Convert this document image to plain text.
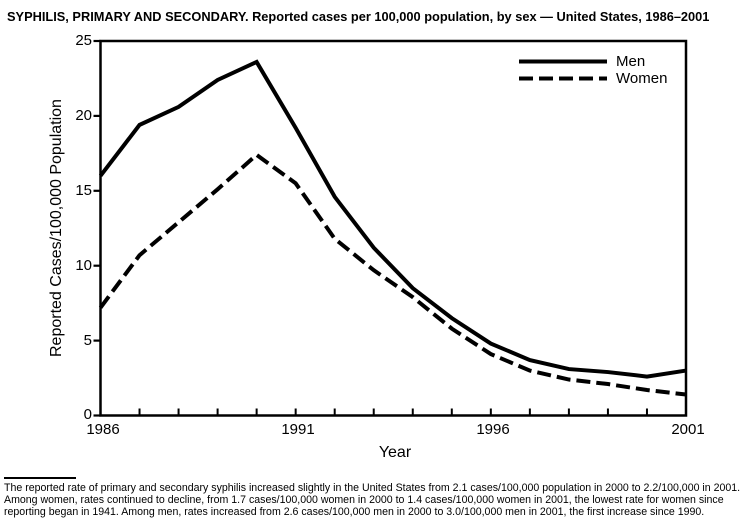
SYPHILIS, PRIMARY AND SECONDARY. Reported cases per 100,000 population, by sex — United States, 1986–2001
25
20
15
10
5
0
Reported Cases/100,000 Population
1986	1991	1996	2001
Year
Men
Women
The reported rate of primary and secondary syphilis increased slightly in the United States from 2.1 cases/100,000 population in 2000 to 2.2/100,000 in 2001. Among women, rates continued to decline, from 1.7 cases/100,000 women in 2000 to 1.4 cases/100,000 women in 2001, the lowest rate for women since reporting began in 1941. Among men, rates increased from 2.6 cases/100,000 men in 2000 to 3.0/100,000 men in 2001, the first increase since 1990.
